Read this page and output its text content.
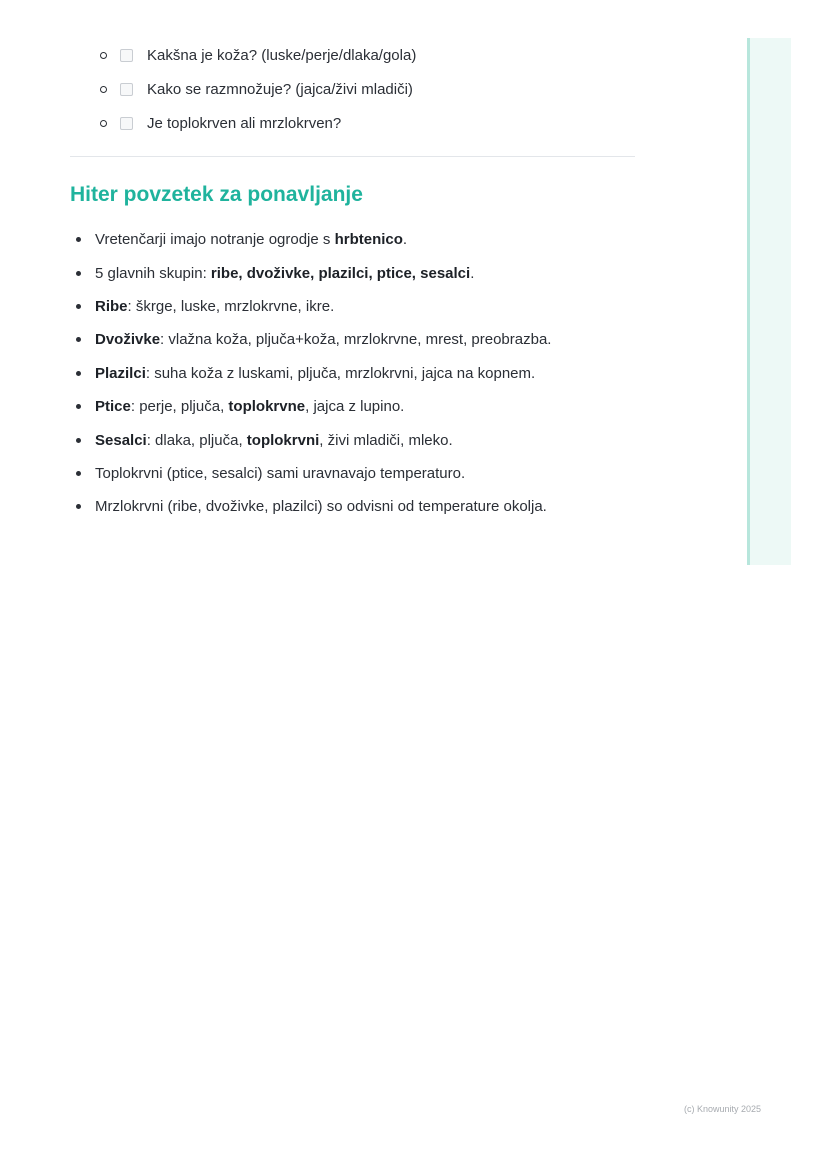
Kakšna je koža? (luske/perje/dlaka/gola)
Kako se razmnožuje? (jajca/živi mladiči)
Je toplokrven ali mrzlokrven?
Hiter povzetek za ponavljanje
Vretenčarji imajo notranje ogrodje s hrbtenico.
5 glavnih skupin: ribe, dvoživke, plazilci, ptice, sesalci.
Ribe: škrge, luske, mrzlokrvne, ikre.
Dvoživke: vlažna koža, pljuča+koža, mrzlokrvne, mrest, preobrazba.
Plazilci: suha koža z luskami, pljuča, mrzlokrvni, jajca na kopnem.
Ptice: perje, pljuča, toplokrvne, jajca z lupino.
Sesalci: dlaka, pljuča, toplokrvni, živi mladiči, mleko.
Toplokrvni (ptice, sesalci) sami uravnavajo temperaturo.
Mrzlokrvni (ribe, dvoživke, plazilci) so odvisni od temperature okolja.
(c) Knowunity 2025
